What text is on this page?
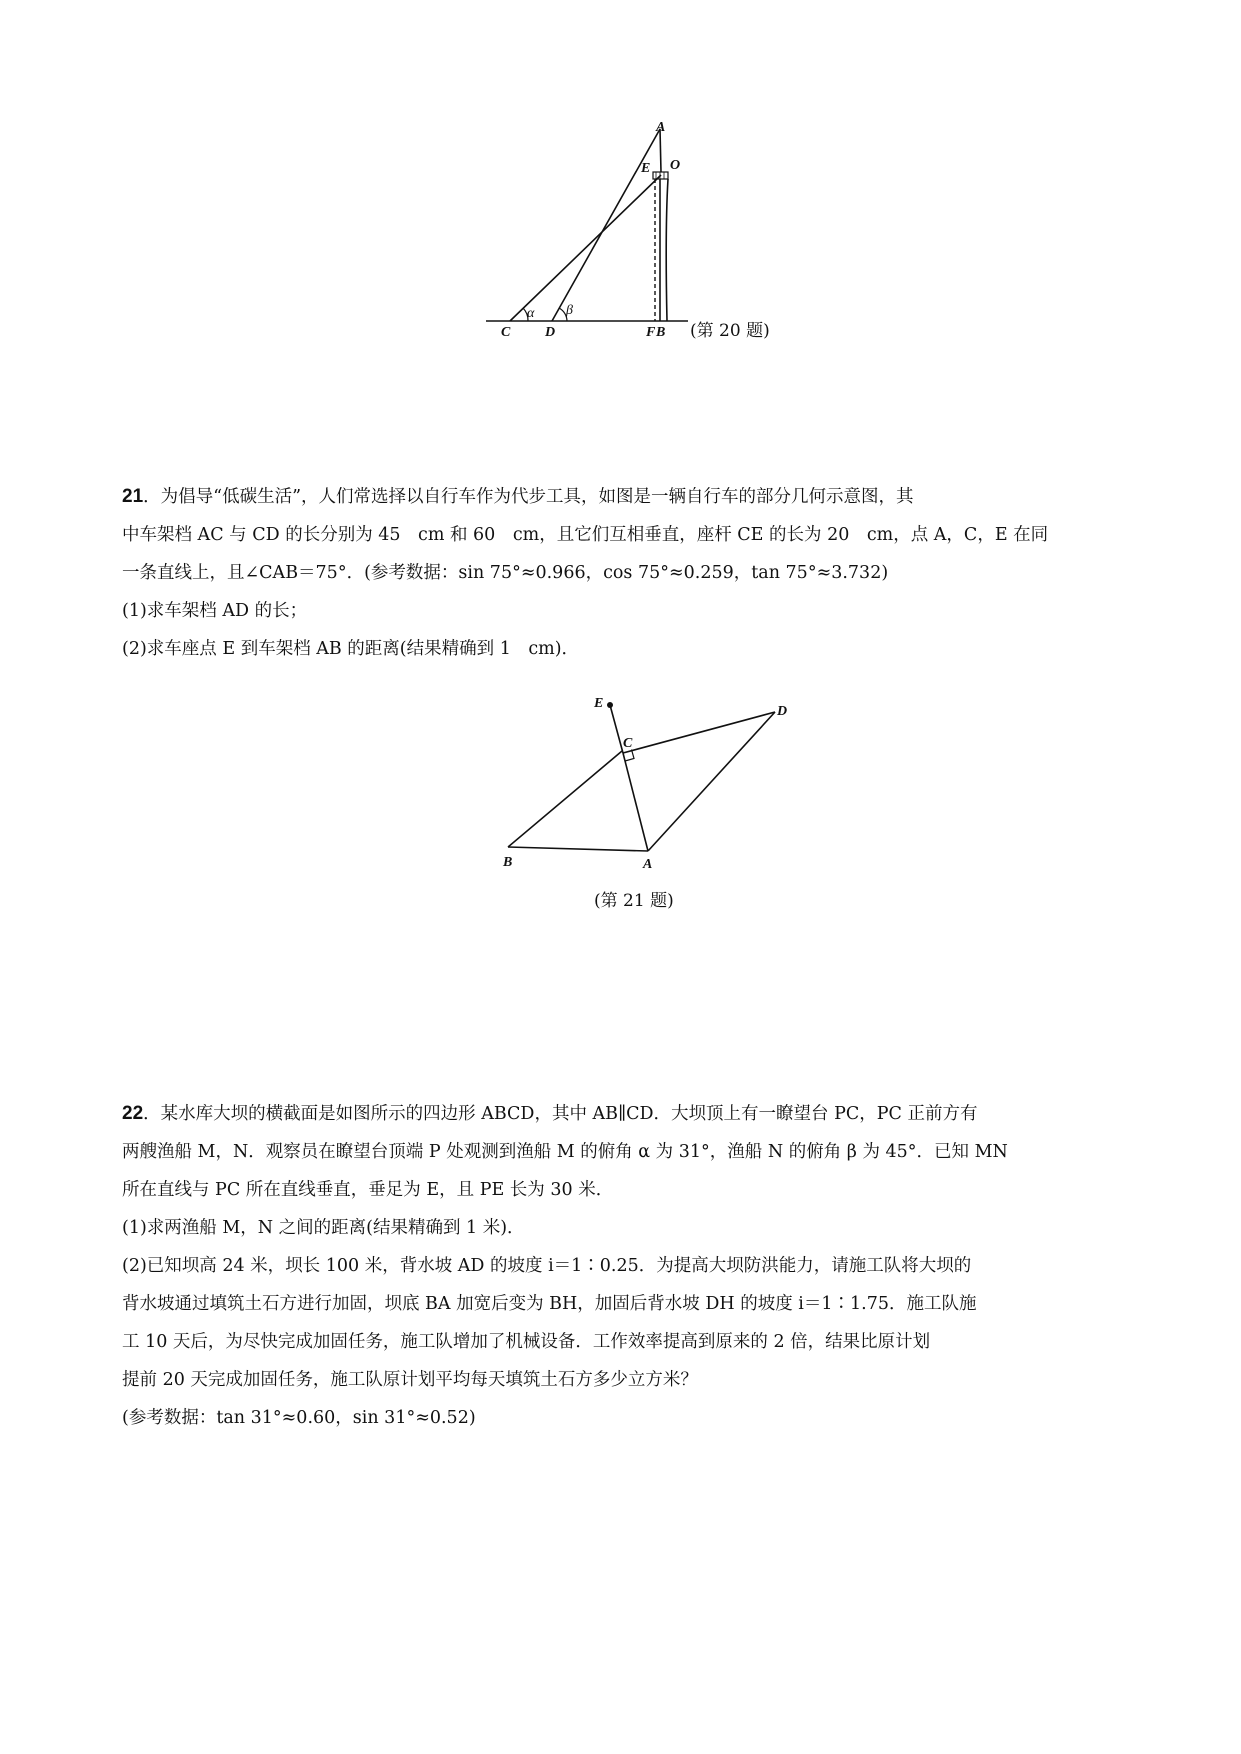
A
E O
C D	F B
α β
(第 20 题)

21．为倡导“低碳生活”，人们常选择以自行车作为代步工具，如图是一辆自行车的部分几何示意图，其

中车架档 AC 与 CD 的长分别为 45　cm 和 60　cm，且它们互相垂直，座杆 CE 的长为 20　cm，点 A，C，E 在同

一条直线上，且∠CAB＝75°．(参考数据：sin 75°≈0.966，cos 75°≈0.259，tan 75°≈3.732)

(1)求车架档 AD 的长；

(2)求车座点 E 到车架档 AB 的距离(结果精确到 1　cm)．

E
C
D
B	A
(第 21 题)

22．某水库大坝的横截面是如图所示的四边形 ABCD，其中 AB∥CD．大坝顶上有一瞭望台 PC，PC 正前方有

两艘渔船 M，N．观察员在瞭望台顶端 P 处观测到渔船 M 的俯角 α 为 31°，渔船 N 的俯角 β 为 45°．已知 MN

所在直线与 PC 所在直线垂直，垂足为 E，且 PE 长为 30 米．

(1)求两渔船 M，N 之间的距离(结果精确到 1 米)．

(2)已知坝高 24 米，坝长 100 米，背水坡 AD 的坡度 i＝1∶0.25．为提高大坝防洪能力，请施工队将大坝的

背水坡通过填筑土石方进行加固，坝底 BA 加宽后变为 BH，加固后背水坡 DH 的坡度 i＝1∶1.75．施工队施

工 10 天后，为尽快完成加固任务，施工队增加了机械设备．工作效率提高到原来的 2 倍，结果比原计划

提前 20 天完成加固任务，施工队原计划平均每天填筑土石方多少立方米？

(参考数据：tan 31°≈0.60，sin 31°≈0.52)
